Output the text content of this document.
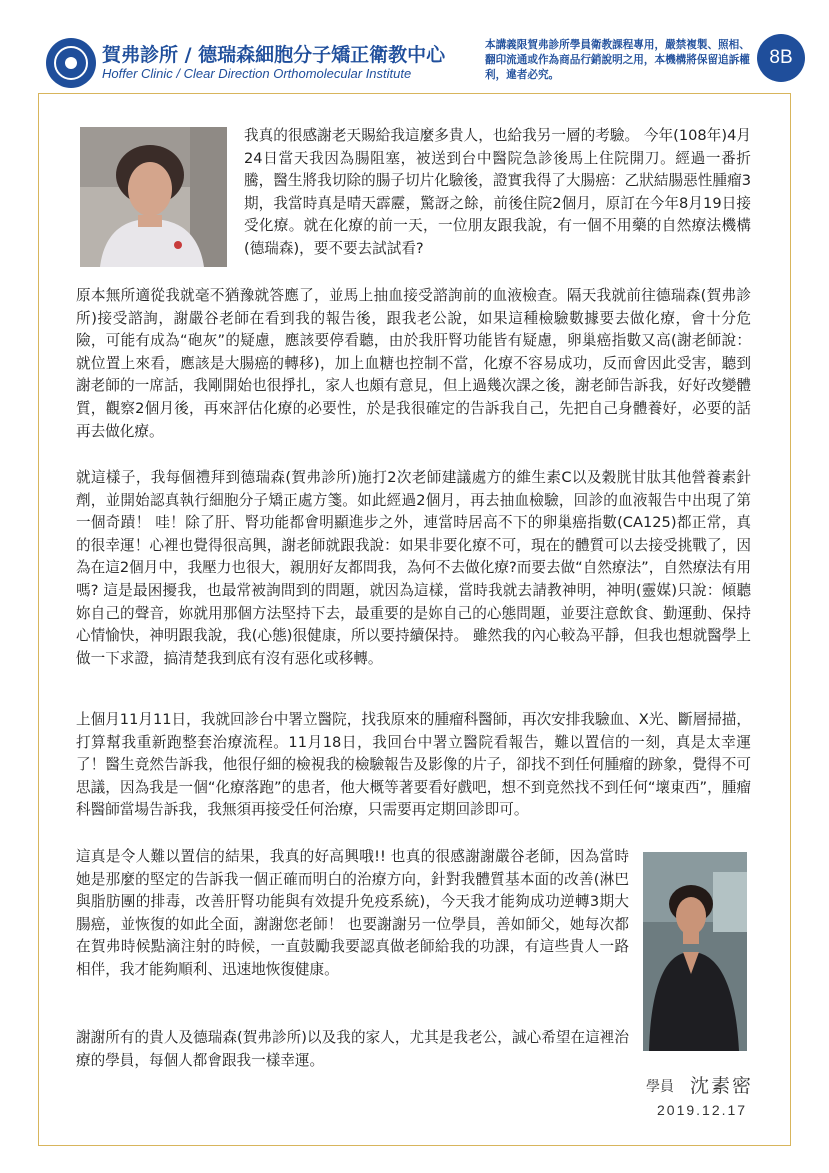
賀弗診所 / 德瑞森細胞分子矯正衛教中心
Hoffer Clinic / Clear Direction Orthomolecular Institute
本講義限賀弗診所學員衛教課程專用，嚴禁複製、照相、翻印流通或作為商品行銷說明之用，本機構將保留追訴權利，違者必究。
8B

我真的很感謝老天賜給我這麼多貴人，也給我另一層的考驗。 今年(108年)4月24日當天我因為腸阻塞，被送到台中醫院急診後馬上住院開刀。經過一番折騰，醫生將我切除的腸子切片化驗後，證實我得了大腸癌：乙狀結腸惡性腫瘤3期，我當時真是晴天霹靂，驚訝之餘，前後住院2個月，原訂在今年8月19日接受化療。就在化療的前一天，一位朋友跟我說，有一個不用藥的自然療法機構(德瑞森)，要不要去試試看?

原本無所適從我就毫不猶豫就答應了，並馬上抽血接受諮詢前的血液檢查。隔天我就前往德瑞森(賀弗診所)接受諮詢，謝嚴谷老師在看到我的報告後，跟我老公說，如果這種檢驗數據要去做化療，會十分危險，可能有成為“砲灰”的疑慮，應該要停看聽，由於我肝腎功能皆有疑慮，卵巢癌指數又高(謝老師說：就位置上來看，應該是大腸癌的轉移)，加上血糖也控制不當，化療不容易成功，反而會因此受害，聽到謝老師的一席話，我剛開始也很掙扎，家人也頗有意見，但上過幾次課之後，謝老師告訴我，好好改變體質，觀察2個月後，再來評估化療的必要性，於是我很確定的告訴我自己，先把自己身體養好，必要的話再去做化療。

就這樣子，我每個禮拜到德瑞森(賀弗診所)施打2次老師建議處方的維生素C以及穀胱甘肽其他營養素針劑，並開始認真執行細胞分子矯正處方箋。如此經過2個月，再去抽血檢驗，回診的血液報告中出現了第一個奇蹟！ 哇！除了肝、腎功能都會明顯進步之外，連當時居高不下的卵巢癌指數(CA125)都正常，真的很幸運！心裡也覺得很高興，謝老師就跟我說：如果非要化療不可，現在的體質可以去接受挑戰了，因為在這2個月中，我壓力也很大，親朋好友都問我，為何不去做化療?而要去做“自然療法”，自然療法有用嗎? 這是最困擾我，也最常被詢問到的問題，就因為這樣，當時我就去請教神明，神明(靈媒)只說：傾聽妳自己的聲音，妳就用那個方法堅持下去，最重要的是妳自己的心態問題，並要注意飲食、勤運動、保持心情愉快，神明跟我說，我(心態)很健康，所以要持續保持。 雖然我的內心較為平靜，但我也想就醫學上做一下求證，搞清楚我到底有沒有惡化或移轉。

上個月11月11日，我就回診台中署立醫院，找我原來的腫瘤科醫師，再次安排我驗血、X光、斷層掃描，打算幫我重新跑整套治療流程。11月18日，我回台中署立醫院看報告，難以置信的一刻，真是太幸運了！醫生竟然告訴我，他很仔細的檢視我的檢驗報告及影像的片子，卻找不到任何腫瘤的跡象，覺得不可思議，因為我是一個“化療落跑”的患者，他大概等著要看好戲吧，想不到竟然找不到任何“壞東西”，腫瘤科醫師當場告訴我，我無須再接受任何治療，只需要再定期回診即可。

這真是令人難以置信的結果，我真的好高興哦!! 也真的很感謝謝嚴谷老師，因為當時她是那麼的堅定的告訴我一個正確而明白的治療方向，針對我體質基本面的改善(淋巴與脂肪團的排毒，改善肝腎功能與有效提升免疫系統)，今天我才能夠成功逆轉3期大腸癌，並恢復的如此全面，謝謝您老師！ 也要謝謝另一位學員，善如師父，她每次都在賀弗時候點滴注射的時候，一直鼓勵我要認真做老師給我的功課，有這些貴人一路相伴，我才能夠順利、迅速地恢復健康。

謝謝所有的貴人及德瑞森(賀弗診所)以及我的家人，尤其是我老公，誠心希望在這裡治療的學員，每個人都會跟我一樣幸運。

學員 沈素密
2019.12.17
